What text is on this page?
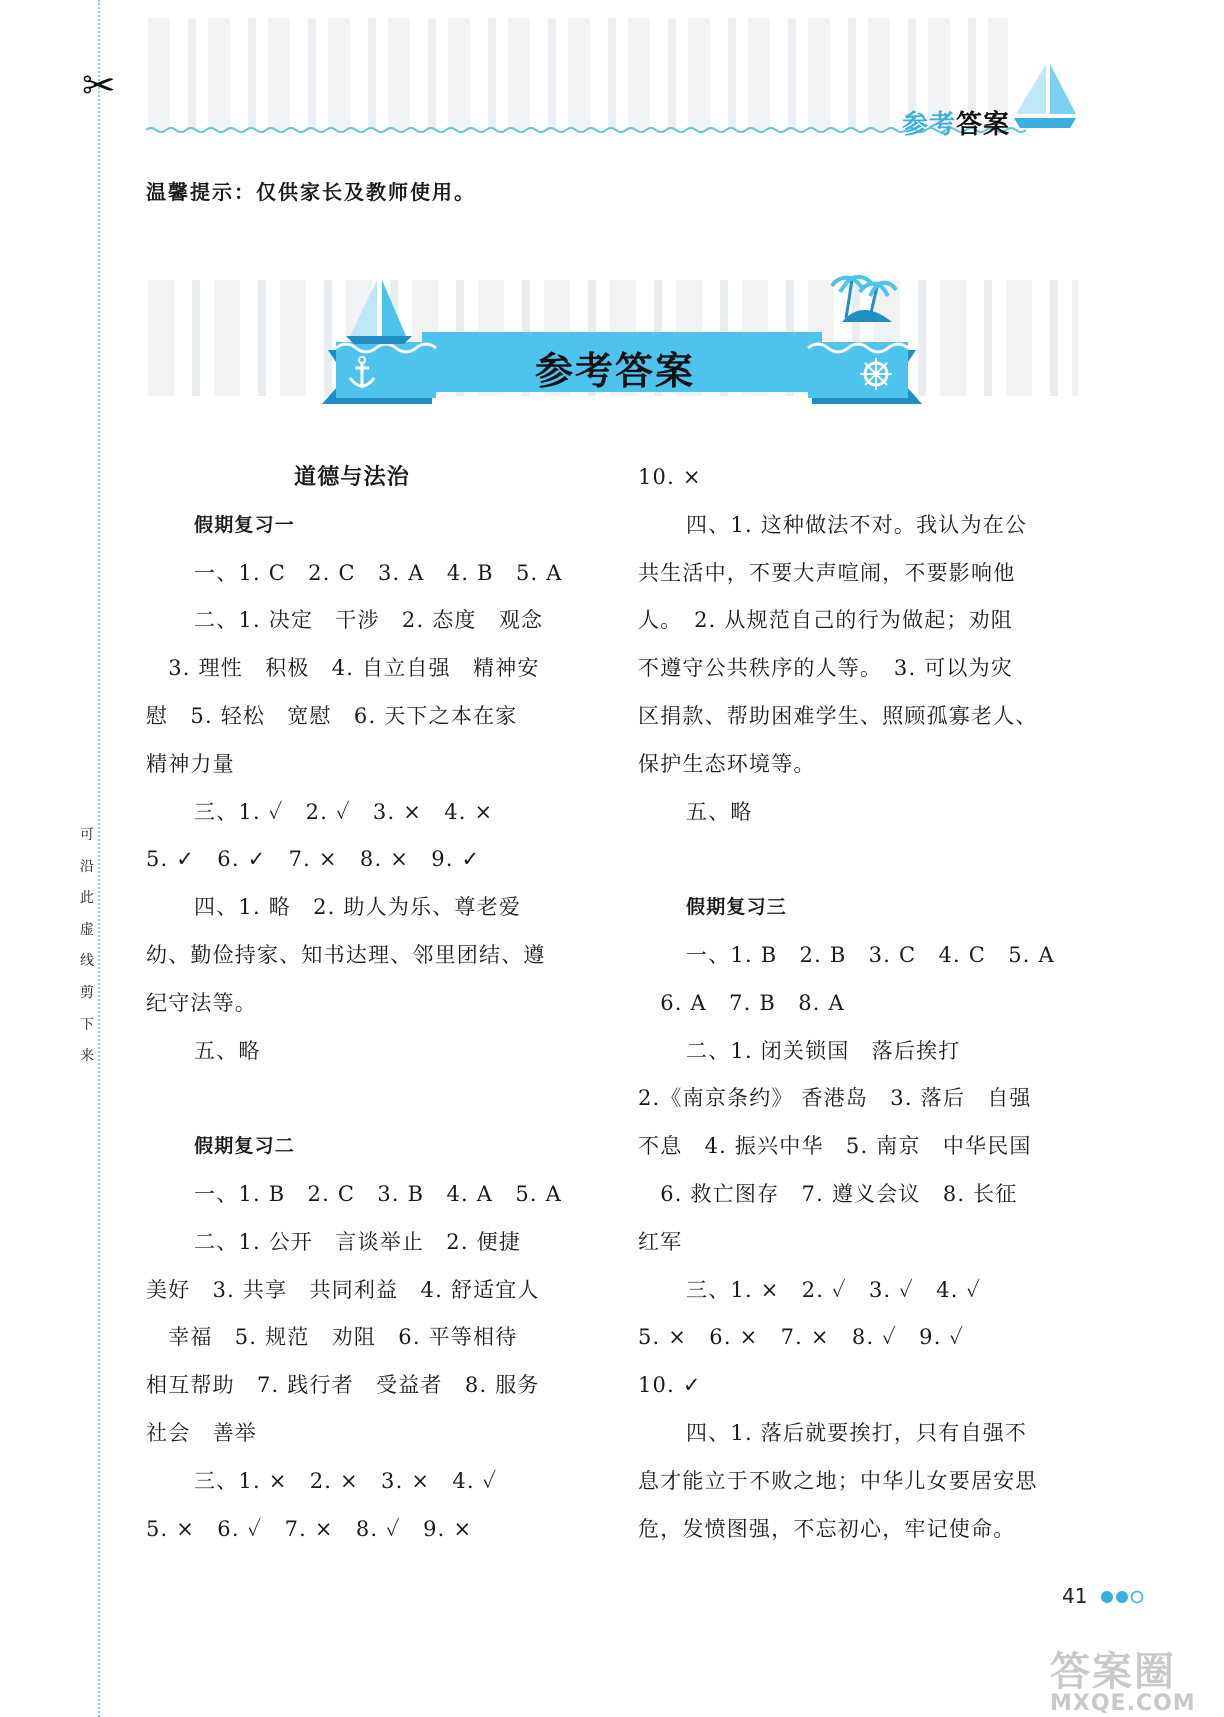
✂
可
沿
此
虚
线
剪
下
来
参考答案
温馨提示：仅供家长及教师使用。
参考答案
道德与法治
假期复习一
一、1. C　2. C　3. A　4. B　5. A
二、1. 决定　干涉　2. 态度　观念
　3. 理性　积极　4. 自立自强　精神安
慰　5. 轻松　宽慰　6. 天下之本在家
精神力量
三、1. ✓　2. ✓　3. ×　4. ×
5. ✓　6. ✓　7. ×　8. ×　9. ✓
四、1. 略　2. 助人为乐、尊老爱
幼、勤俭持家、知书达理、邻里团结、遵
纪守法等。
五、略
假期复习二
一、1. B　2. C　3. B　4. A　5. A
二、1. 公开　言谈举止　2. 便捷
美好　3. 共享　共同利益　4. 舒适宜人
　幸福　5. 规范　劝阻　6. 平等相待
相互帮助　7. 践行者　受益者　8. 服务
社会　善举
三、1. ×　2. ×　3. ×　4. ✓
5. ×　6. ✓　7. ×　8. ✓　9. ×
10. ×
四、1. 这种做法不对。我认为在公
共生活中，不要大声喧闹，不要影响他
人。　2. 从规范自己的行为做起；劝阻
不遵守公共秩序的人等。　3. 可以为灾
区捐款、帮助困难学生、照顾孤寡老人、
保护生态环境等。
五、略
假期复习三
一、1. B　2. B　3. C　4. C　5. A
　6. A　7. B　8. A
二、1. 闭关锁国　落后挨打
2.《南京条约》 香港岛　3. 落后　自强
不息　4. 振兴中华　5. 南京　中华民国
　6. 救亡图存　7. 遵义会议　8. 长征
红军
三、1. ×　2. ✓　3. ✓　4. ✓
5. ×　6. ×　7. ×　8. ✓　9. ✓
10. ✓
四、1. 落后就要挨打，只有自强不
息才能立于不败之地；中华儿女要居安思
危，发愤图强，不忘初心，牢记使命。
41
答案圈
MXQE.COM
